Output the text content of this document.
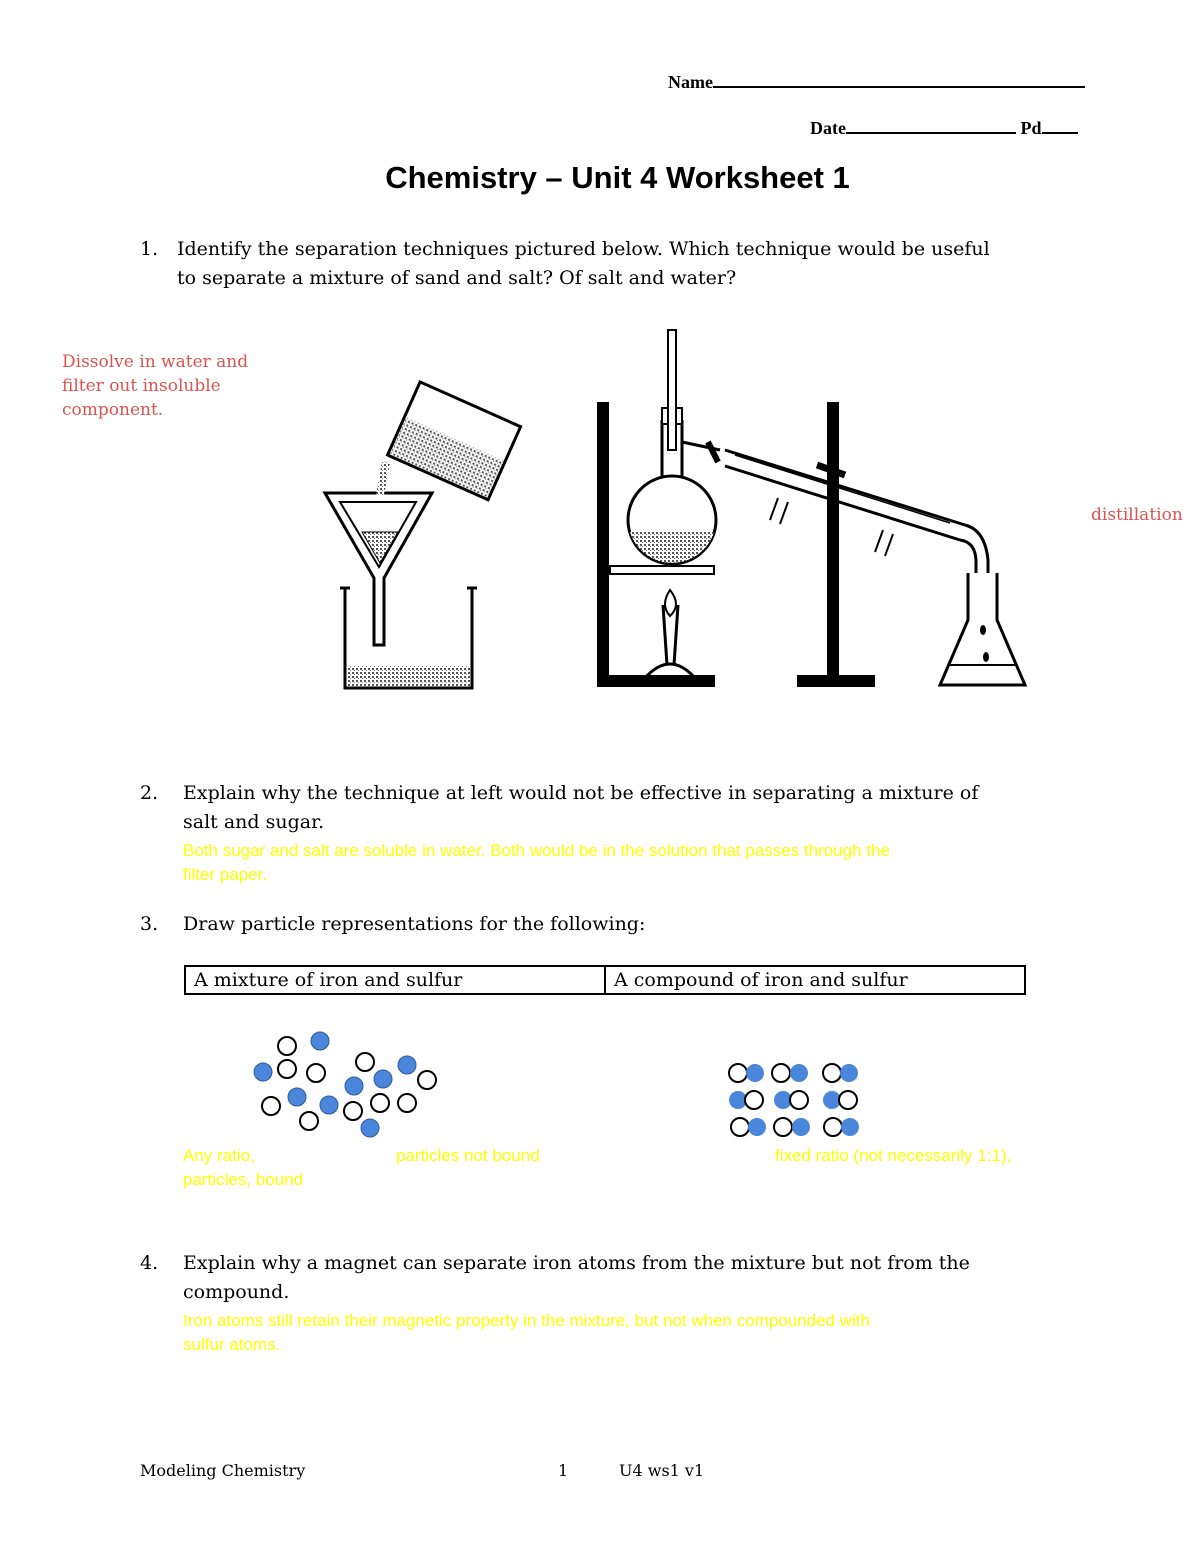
Name
Date	Pd
Chemistry – Unit 4 Worksheet 1
1. Identify the separation techniques pictured below. Which technique would be useful
to separate a mixture of sand and salt? Of salt and water?
Dissolve in water and
filter out insoluble
component.
distillation
2. Explain why the technique at left would not be effective in separating a mixture of
salt and sugar.
Both sugar and salt are soluble in water. Both would be in the solution that passes through the
filter paper.
3. Draw particle representations for the following:
A mixture of iron and sulfur	A compound of iron and sulfur
Any ratio,	particles not bound	fixed ratio (not necessarily 1:1),
particles, bound
4. Explain why a magnet can separate iron atoms from the mixture but not from the
compound.
Iron atoms still retain their magnetic property in the mixture, but not when compounded with
sulfur atoms.
Modeling Chemistry	1	U4 ws1 v1
